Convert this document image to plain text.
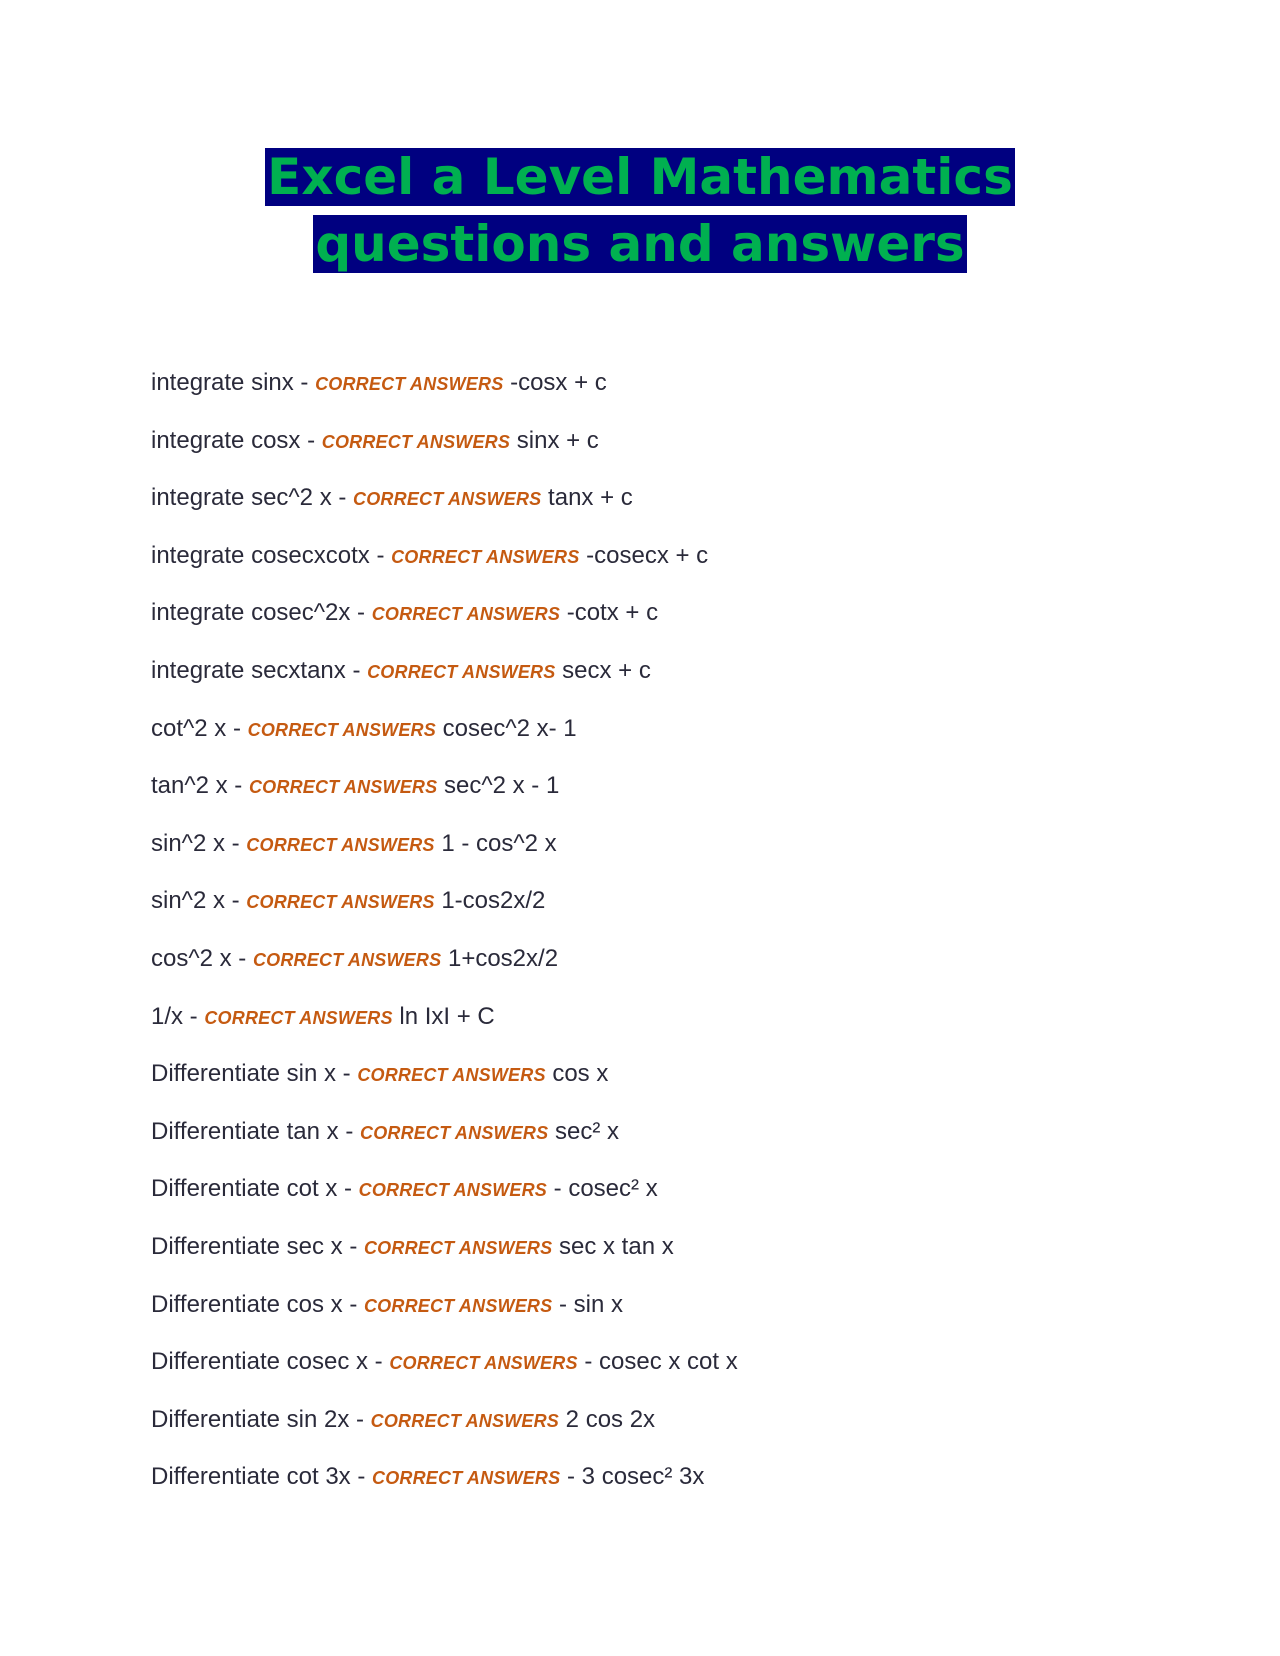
Excel a Level Mathematics
questions and answers
integrate sinx - CORRECT ANSWERS -cosx + c
integrate cosx - CORRECT ANSWERS sinx + c
integrate sec^2 x - CORRECT ANSWERS tanx + c
integrate cosecxcotx - CORRECT ANSWERS -cosecx + c
integrate cosec^2x - CORRECT ANSWERS -cotx + c
integrate secxtanx - CORRECT ANSWERS secx + c
cot^2 x - CORRECT ANSWERS cosec^2 x- 1
tan^2 x - CORRECT ANSWERS sec^2 x - 1
sin^2 x - CORRECT ANSWERS 1 - cos^2 x
sin^2 x - CORRECT ANSWERS 1-cos2x/2
cos^2 x - CORRECT ANSWERS 1+cos2x/2
1/x - CORRECT ANSWERS ln IxI + C
Differentiate sin x - CORRECT ANSWERS cos x
Differentiate tan x - CORRECT ANSWERS sec² x
Differentiate cot x - CORRECT ANSWERS - cosec² x
Differentiate sec x - CORRECT ANSWERS sec x tan x
Differentiate cos x - CORRECT ANSWERS - sin x
Differentiate cosec x - CORRECT ANSWERS - cosec x cot x
Differentiate sin 2x - CORRECT ANSWERS 2 cos 2x
Differentiate cot 3x - CORRECT ANSWERS - 3 cosec² 3x
